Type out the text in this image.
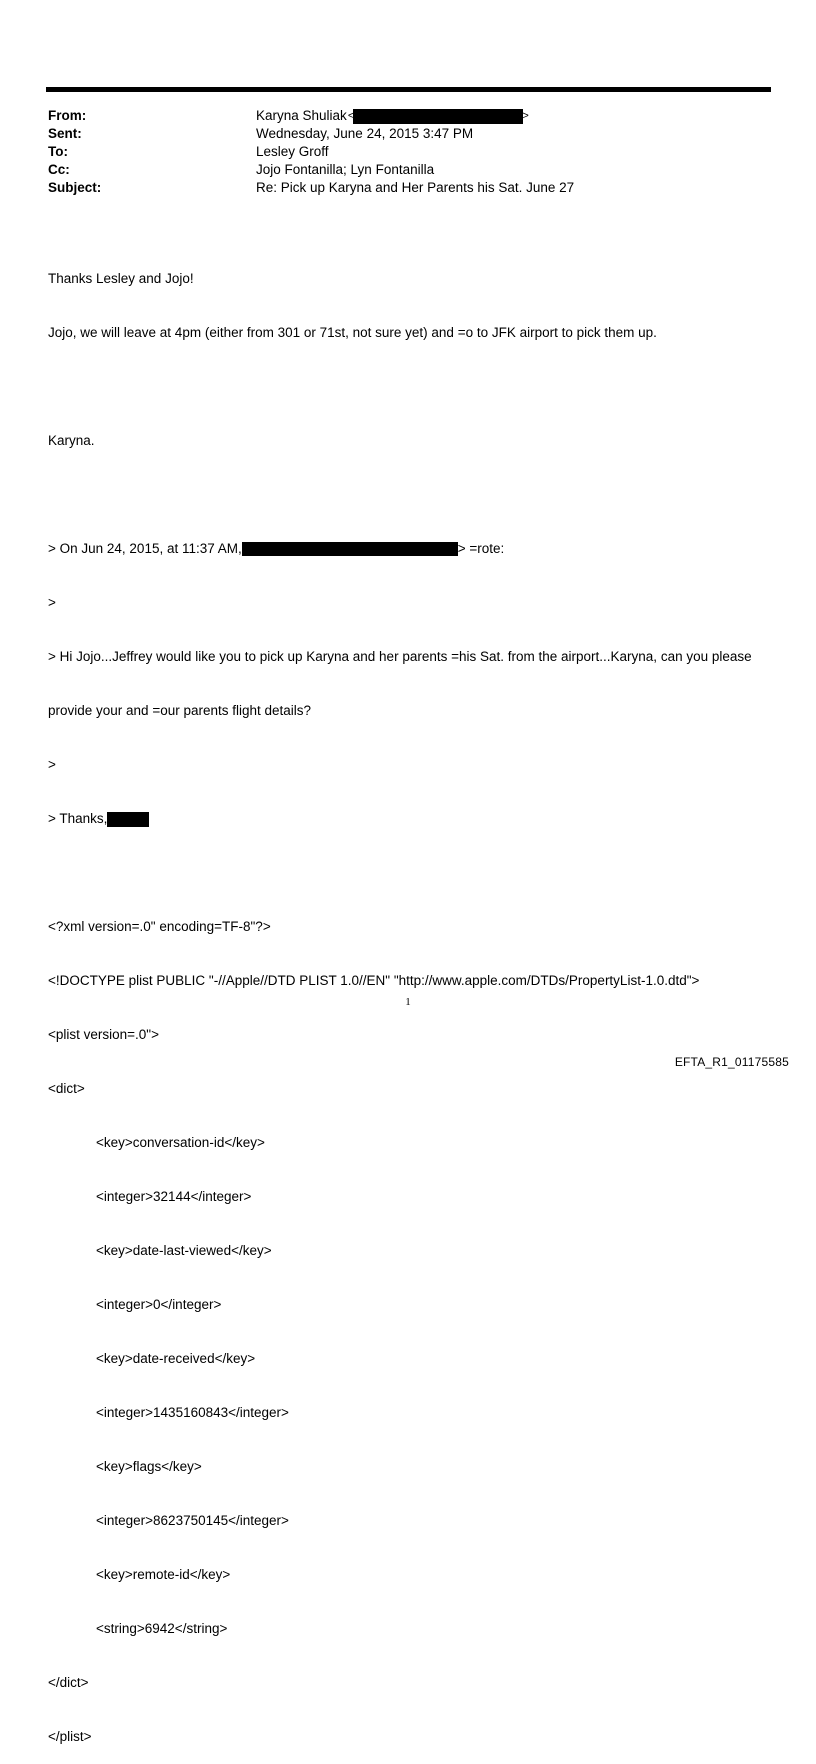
From:	Karyna Shuliak< >
Sent:	Wednesday, June 24, 2015 3:47 PM
To:	Lesley Groff
Cc:	Jojo Fontanilla; Lyn Fontanilla
Subject:	Re: Pick up Karyna and Her Parents his Sat. June 27

Thanks Lesley and Jojo!

Jojo, we will leave at 4pm (either from 301 or 71st, not sure yet) and =o to JFK airport to pick them up.

Karyna.

> On Jun 24, 2015, at 11:37 AM,	> =rote:

>

> Hi Jojo...Jeffrey would like you to pick up Karyna and her parents =his Sat. from the airport...Karyna, can you please

provide your and =our parents flight details?

>

> Thanks,

<?xml version=.0" encoding=TF-8"?>

<!DOCTYPE plist PUBLIC "-//Apple//DTD PLIST 1.0//EN" "http://www.apple.com/DTDs/PropertyList-1.0.dtd">

<plist version=.0">

<dict>

<key>conversation-id</key>

<integer>32144</integer>

<key>date-last-viewed</key>

<integer>0</integer>

<key>date-received</key>

<integer>1435160843</integer>

<key>flags</key>

<integer>8623750145</integer>

<key>remote-id</key>

<string>6942</string>

</dict>

</plist>

1
EFTA_R1_01175585
